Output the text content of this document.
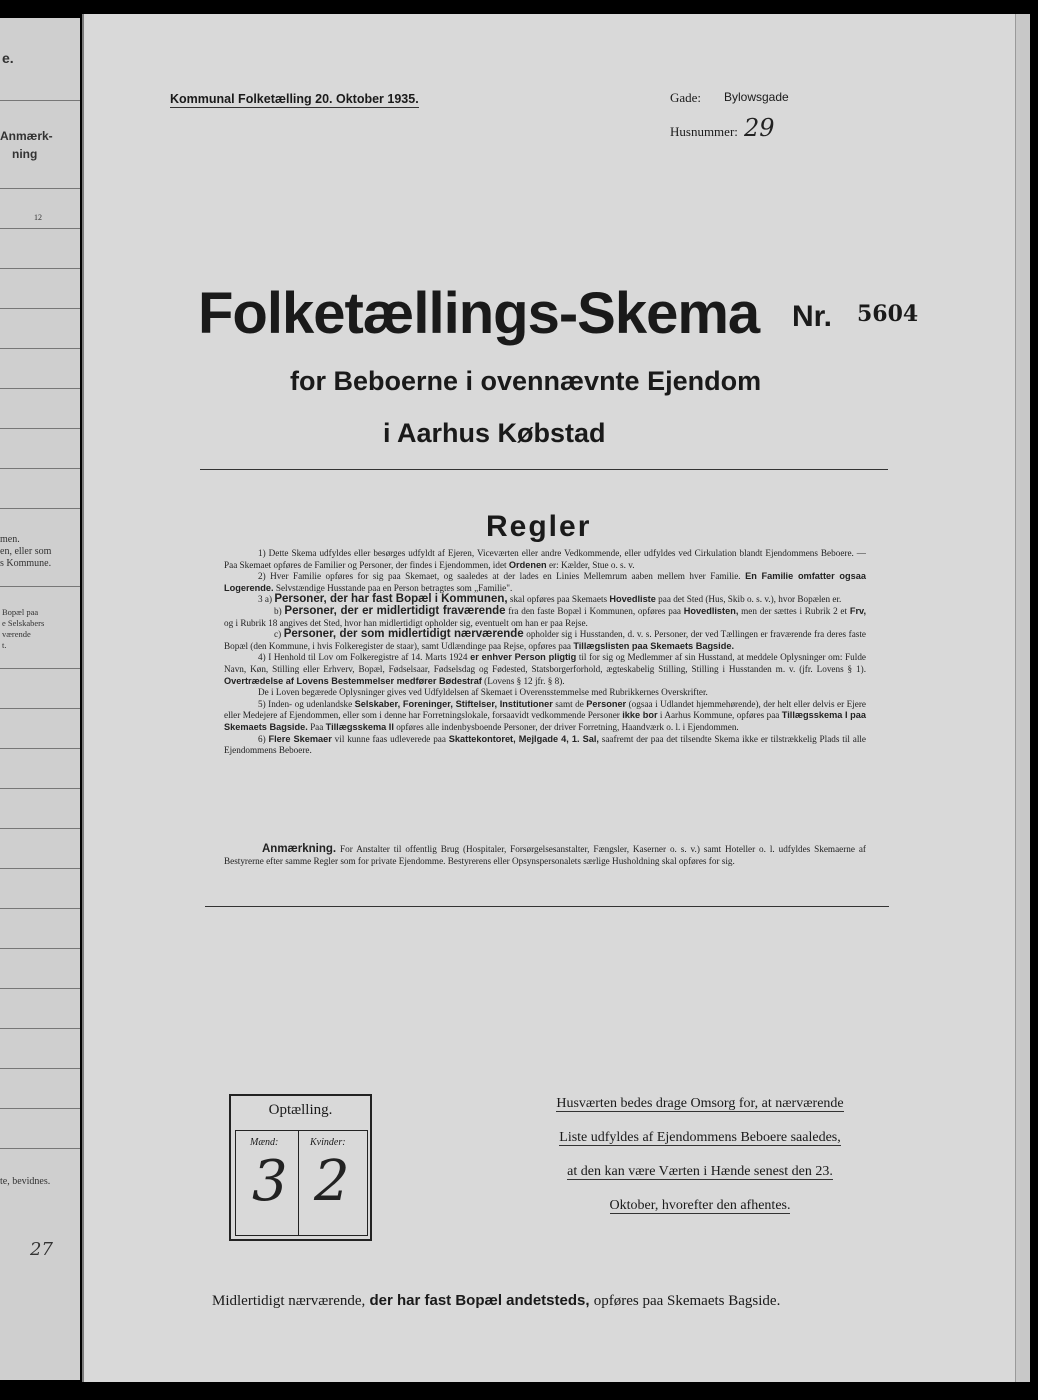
e.
Anmærk-
ning
12
men.
en, eller som
s Kommune.
Bopæl paa
e Selskabers
værende
t.
te, bevidnes.
27
Kommunal Folketælling 20. Oktober 1935.	Gade: Bylowsgade
Husnummer: 29
Folketællings-Skema Nr. 5604
for Beboerne i ovennævnte Ejendom
i Aarhus Købstad
Regler

1) Dette Skema udfyldes eller besørges udfyldt af Ejeren, Viceværten eller andre Vedkommende, eller udfyldes ved Cirkulation blandt Ejendommens Beboere. — Paa Skemaet opføres de Familier og Personer, der findes i Ejendommen, idet Ordenen er: Kælder, Stue o. s. v.

2) Hver Familie opføres for sig paa Skemaet, og saaledes at der lades en Linies Mellemrum aaben mellem hver Familie. En Familie omfatter ogsaa Logerende. Selvstændige Husstande paa en Person betragtes som „Familie".

3 a) Personer, der har fast Bopæl i Kommunen, skal opføres paa Skemaets Hovedliste paa det Sted (Hus, Skib o. s. v.), hvor Bopælen er.

b) Personer, der er midlertidigt fraværende fra den faste Bopæl i Kommunen, opføres paa Hovedlisten, men der sættes i Rubrik 2 et Frv, og i Rubrik 18 angives det Sted, hvor han midlertidigt opholder sig, eventuelt om han er paa Rejse.

c) Personer, der som midlertidigt nærværende opholder sig i Husstanden, d. v. s. Personer, der ved Tællingen er fraværende fra deres faste Bopæl (den Kommune, i hvis Folkeregister de staar), samt Udlændinge paa Rejse, opføres paa Tillægslisten paa Skemaets Bagside.

4) I Henhold til Lov om Folkeregistre af 14. Marts 1924 er enhver Person pligtig til for sig og Medlemmer af sin Husstand, at meddele Oplysninger om: Fulde Navn, Køn, Stilling eller Erhverv, Bopæl, Fødselsaar, Fødselsdag og Fødested, Statsborgerforhold, ægteskabelig Stilling, Stilling i Husstanden m. v. (jfr. Lovens § 1). Overtrædelse af Lovens Bestemmelser medfører Bødestraf (Lovens § 12 jfr. § 8).

De i Loven begærede Oplysninger gives ved Udfyldelsen af Skemaet i Overensstemmelse med Rubrikkernes Overskrifter.

5) Inden- og udenlandske Selskaber, Foreninger, Stiftelser, Institutioner samt de Personer (ogsaa i Udlandet hjemmehørende), der helt eller delvis er Ejere eller Medejere af Ejendommen, eller som i denne har Forretningslokale, forsaavidt vedkommende Personer ikke bor i Aarhus Kommune, opføres paa Tillægsskema I paa Skemaets Bagside. Paa Tillægsskema II opføres alle indenbysboende Personer, der driver Forretning, Haandværk o. l. i Ejendommen.

6) Flere Skemaer vil kunne faas udleverede paa Skattekontoret, Mejlgade 4, 1. Sal, saafremt der paa det tilsendte Skema ikke er tilstrækkelig Plads til alle Ejendommens Beboere.

Anmærkning. For Anstalter til offentlig Brug (Hospitaler, Forsørgelsesanstalter, Fængsler, Kaserner o. s. v.) samt Hoteller o. l. udfyldes Skemaerne af Bestyrerne efter samme Regler som for private Ejendomme. Bestyrerens eller Opsynspersonalets særlige Husholdning skal opføres for sig.

Optælling.
Mænd:	Kvinder:
3 2
Husværten bedes drage Omsorg for, at nærværende
Liste udfyldes af Ejendommens Beboere saaledes,
at den kan være Værten i Hænde senest den 23.
Oktober, hvorefter den afhentes.
Midlertidigt nærværende, der har fast Bopæl andetsteds, opføres paa Skemaets Bagside.
